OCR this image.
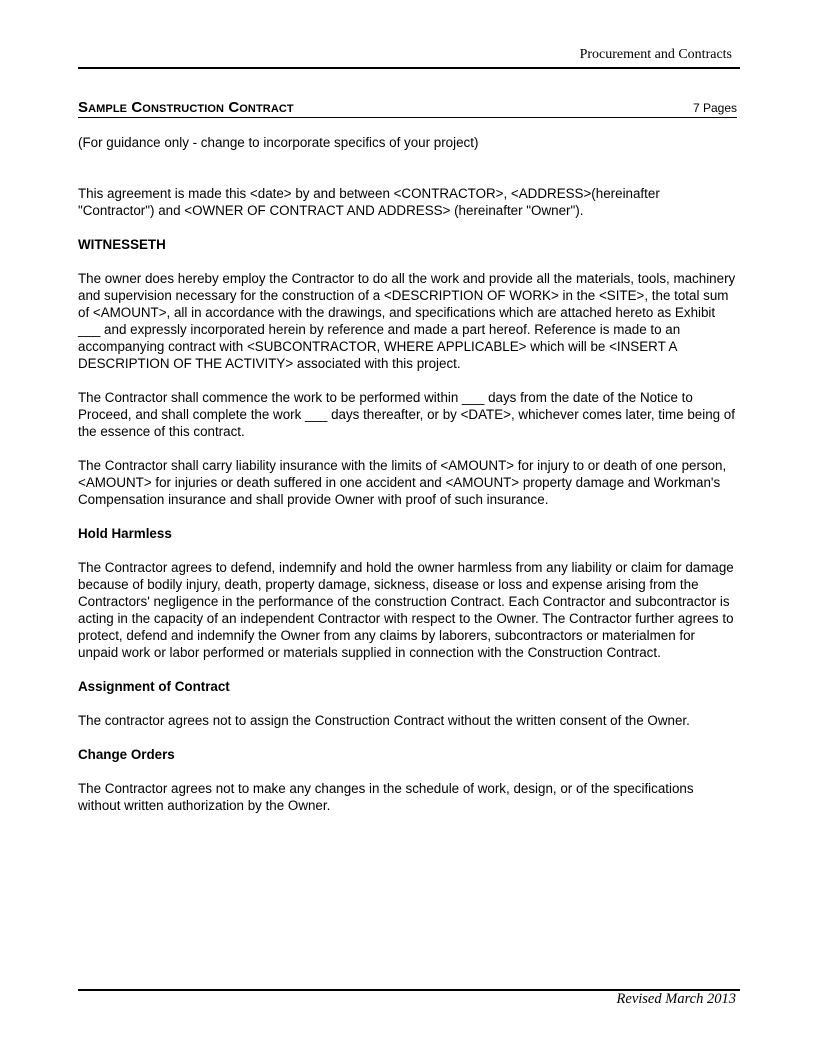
Procurement and Contracts
Sample Construction Contract	7 Pages

(For guidance only - change to incorporate specifics of your project)

This agreement is made this <date> by and between <CONTRACTOR>, <ADDRESS>(hereinafter "Contractor") and <OWNER OF CONTRACT AND ADDRESS> (hereinafter "Owner").

WITNESSETH

The owner does hereby employ the Contractor to do all the work and provide all the materials, tools, machinery and supervision necessary for the construction of a <DESCRIPTION OF WORK> in the <SITE>, the total sum of <AMOUNT>, all in accordance with the drawings, and specifications which are attached hereto as Exhibit ___ and expressly incorporated herein by reference and made a part hereof. Reference is made to an accompanying contract with <SUBCONTRACTOR, WHERE APPLICABLE> which will be <INSERT A DESCRIPTION OF THE ACTIVITY> associated with this project.

The Contractor shall commence the work to be performed within ___ days from the date of the Notice to Proceed, and shall complete the work ___ days thereafter, or by <DATE>, whichever comes later, time being of the essence of this contract.

The Contractor shall carry liability insurance with the limits of <AMOUNT> for injury to or death of one person, <AMOUNT> for injuries or death suffered in one accident and <AMOUNT> property damage and Workman's Compensation insurance and shall provide Owner with proof of such insurance.

Hold Harmless

The Contractor agrees to defend, indemnify and hold the owner harmless from any liability or claim for damage because of bodily injury, death, property damage, sickness, disease or loss and expense arising from the Contractors' negligence in the performance of the construction Contract. Each Contractor and subcontractor is acting in the capacity of an independent Contractor with respect to the Owner. The Contractor further agrees to protect, defend and indemnify the Owner from any claims by laborers, subcontractors or materialmen for unpaid work or labor performed or materials supplied in connection with the Construction Contract.

Assignment of Contract

The contractor agrees not to assign the Construction Contract without the written consent of the Owner.

Change Orders

The Contractor agrees not to make any changes in the schedule of work, design, or of the specifications without written authorization by the Owner.

Revised March 2013
